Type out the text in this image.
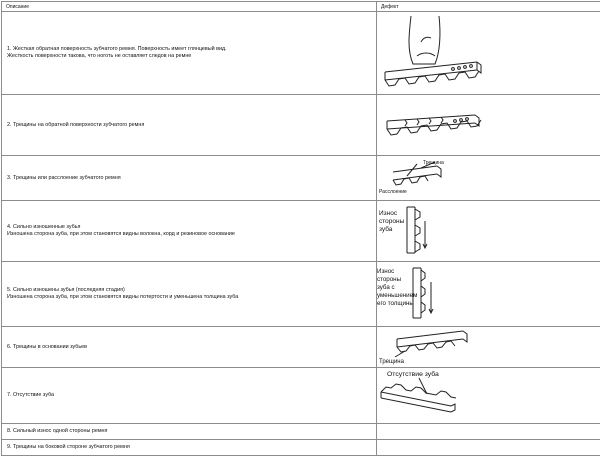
Описание	Дефект

1. Жесткая обратная поверхность зубчатого ремня. Поверхность имеет глянцевый вид.
Жесткость поверхности такова, что ноготь не оставляет следов на ремне

2. Трещины на обратной поверхности зубчатого ремня

3. Трещины или расслоение зубчатого ремня	Трещина
Расслоение

4. Сильно изношенные зубья
Изношена сторона зуба, при этом становятся видны волокна, корд и резиновое основание	Износ стороны зуба

5. Сильно изношены зубья (последняя стадия)
Изношена сторона зуба, при этом становятся видны потертости и уменьшена толщина зуба	Износ стороны зуба с уменьшением его толщины

6. Трещины в основании зубьев	Трещина

7. Отсутствие зуба	Отсутствие зуба

8. Сильный износ одной стороны ремня	

9. Трещины на боковой стороне зубчатого ремня	
